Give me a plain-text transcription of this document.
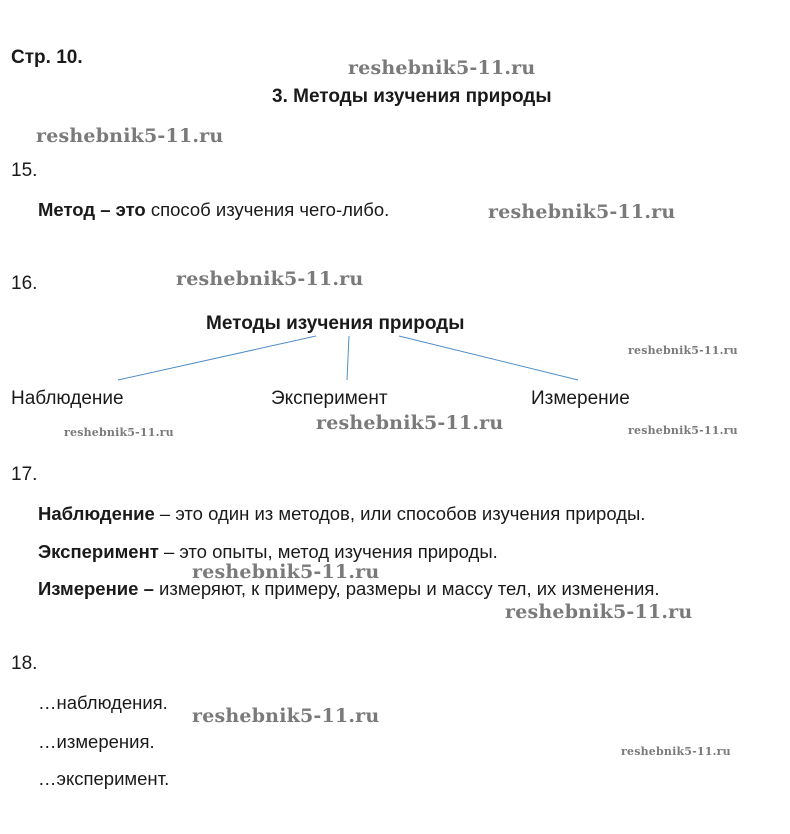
Стр. 10.
3. Методы изучения природы
15.
Метод – это способ изучения чего-либо.
16.
Методы изучения природы
Наблюдение	Эксперимент	Измерение
17.
Наблюдение – это один из методов, или способов изучения природы.
Эксперимент – это опыты, метод изучения природы.
Измерение – измеряют, к примеру, размеры и массу тел, их изменения.
18.
…наблюдения.
…измерения.
…эксперимент.
reshebnik5-11.ru
reshebnik5-11.ru
reshebnik5-11.ru
reshebnik5-11.ru
reshebnik5-11.ru
reshebnik5-11.ru	reshebnik5-11.ru	reshebnik5-11.ru
reshebnik5-11.ru
reshebnik5-11.ru
reshebnik5-11.ru
reshebnik5-11.ru
